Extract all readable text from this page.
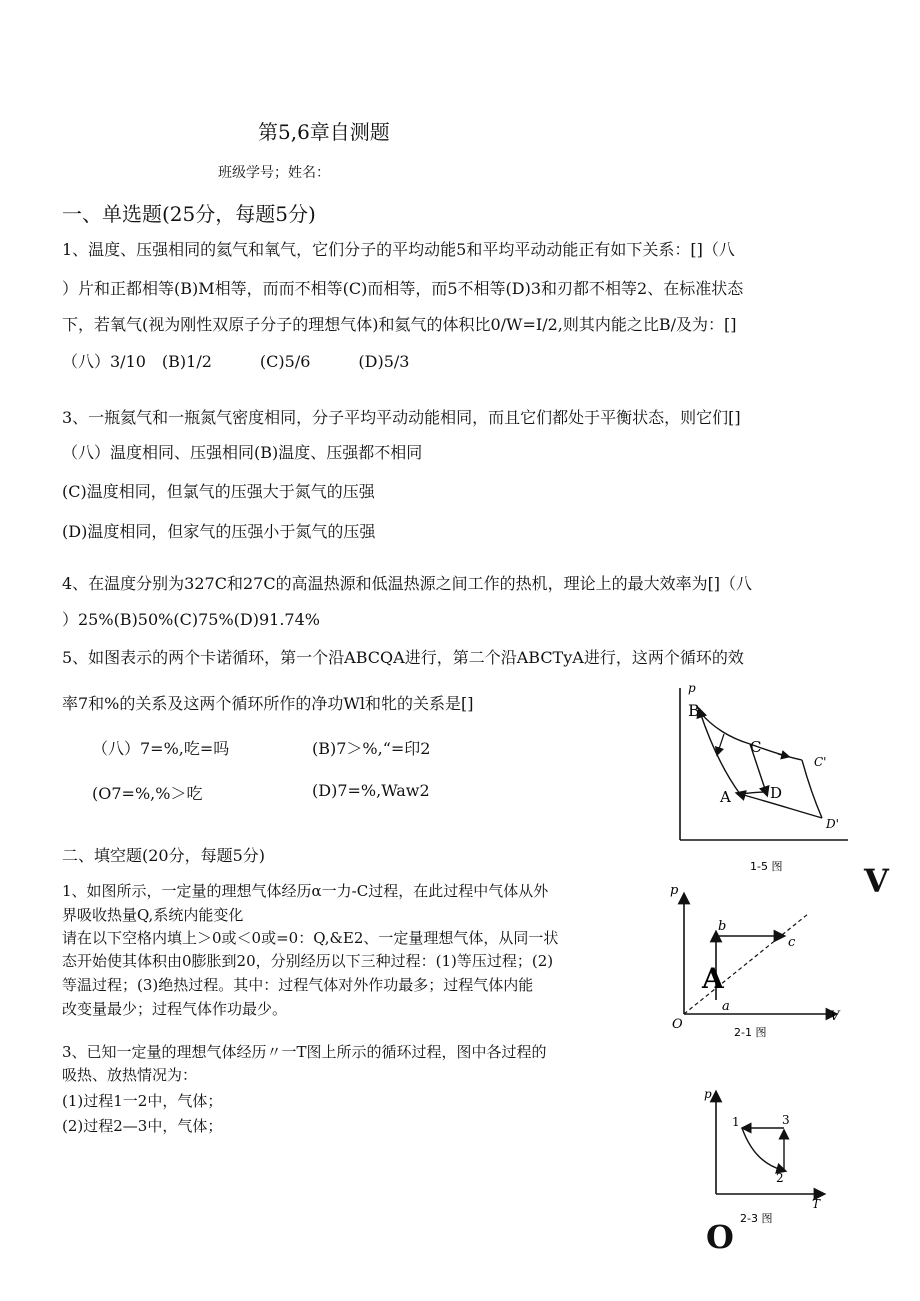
第5,6章自测题
班级学号；姓名：
一、单选题(25分，每题5分)
1、温度、压强相同的氦气和氧气，它们分子的平均动能5和平均平动动能正有如下关系：[]（八
）片和正都相等(B)M相等，而而不相等(C)而相等，而5不相等(D)3和刃都不相等2、在标准状态
下，若氧气(视为刚性双原子分子的理想气体)和氦气的体积比0/W=I/2,则其内能之比B/及为：[]
（八）3/10　(B)1/2　　　(C)5/6　　　(D)5/3
3、一瓶氦气和一瓶氮气密度相同，分子平均平动动能相同，而且它们都处于平衡状态，则它们[]
（八）温度相同、压强相同(B)温度、压强都不相同
(C)温度相同，但氯气的压强大于氮气的压强
(D)温度相同，但家气的压强小于氮气的压强
4、在温度分别为327C和27C的高温热源和低温热源之间工作的热机，理论上的最大效率为[]（八
）25%(B)50%(C)75%(D)91.74%
5、如图表示的两个卡诺循环，第一个沿ABCQA进行，第二个沿ABCTyA进行，这两个循环的效
率7和%的关系及这两个循环所作的净功Wl和牝的关系是[]
（八）7=%,吃=吗	(B)7＞%,“=印2
(O7=%,%＞吃	(D)7=%,Waw2
二、填空题(20分，每题5分)
1、如图所示，一定量的理想气体经历α一力-C过程，在此过程中气体从外
界吸收热量Q,系统内能变化
请在以下空格内填上＞0或＜0或=0：Q,&E2、一定量理想气体，从同一状
态开始使其体积由0膨胀到20，分别经历以下三种过程：(1)等压过程；(2)
等温过程；(3)绝热过程。其中：过程气体对外作功最多；过程气体内能
改变量最少；过程气体作功最少。
3、已知一定量的理想气体经历〃一T图上所示的循环过程，图中各过程的
吸热、放热情况为：
(1)过程1一2中，气体；
(2)过程2—3中，气体；
p
B
C
C'
A	D
D'
1-5 图	V
p
V
O
b
c
a
A
2-1 图
p
T
1	3
2
2-3 图
O
